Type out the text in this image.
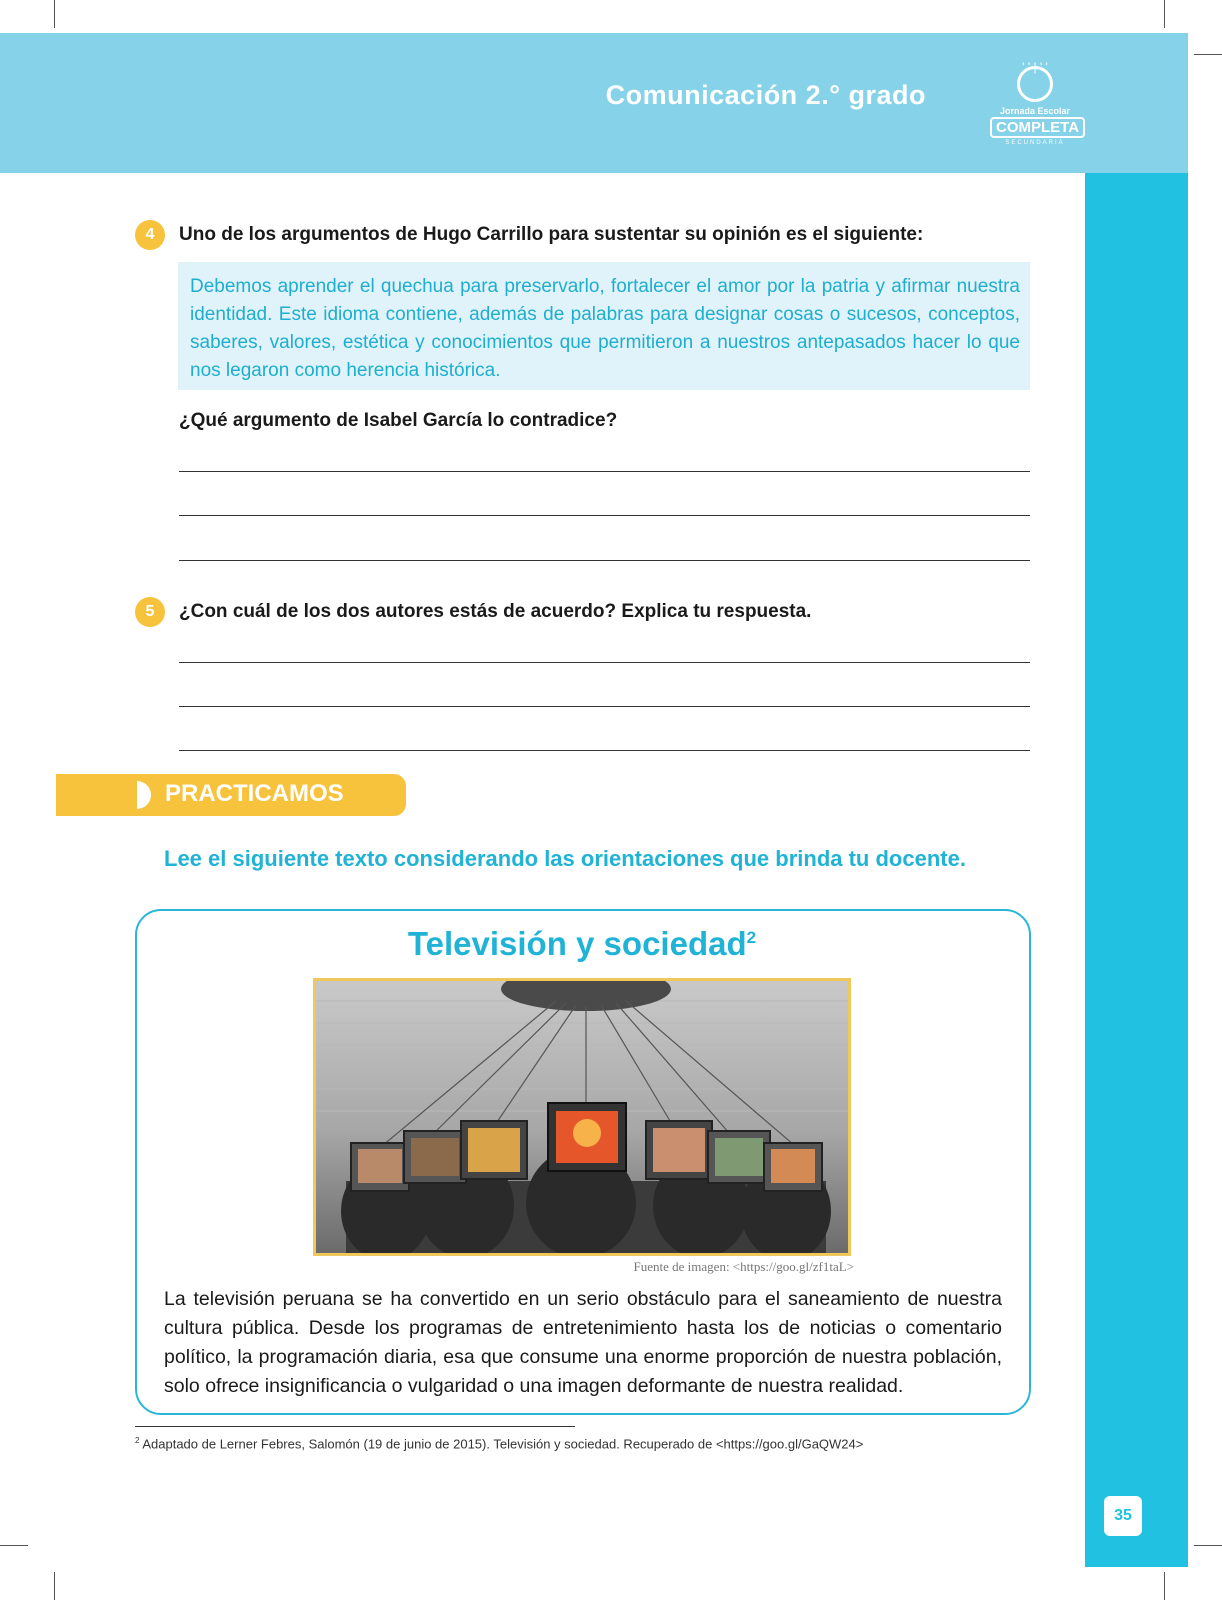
Comunicación 2.° grado
' ' | ' '
Jornada Escolar
COMPLETA
SECUNDARIA
35
4	Uno de los argumentos de Hugo Carrillo para sustentar su opinión es el siguiente:
Debemos aprender el quechua para preservarlo, fortalecer el amor por la patria y afirmar nuestra identidad. Este idioma contiene, además de palabras para designar cosas o sucesos, conceptos, saberes, valores, estética y conocimientos que permitieron a nuestros antepasados hacer lo que nos legaron como herencia histórica.
¿Qué argumento de Isabel García lo contradice?
5	¿Con cuál de los dos autores estás de acuerdo? Explica tu respuesta.
PRACTICAMOS
Lee el siguiente texto considerando las orientaciones que brinda tu docente.
Televisión y sociedad$^2$
Fuente de imagen: <https://goo.gl/zf1taL>
La televisión peruana se ha convertido en un serio obstáculo para el saneamiento de nuestra cultura pública. Desde los programas de entretenimiento hasta los de noticias o comentario político, la programación diaria, esa que consume una enorme proporción de nuestra población, solo ofrece insignificancia o vulgaridad o una imagen deformante de nuestra realidad.
$^2$ Adaptado de Lerner Febres, Salomón (19 de junio de 2015). Televisión y sociedad. Recuperado de <https://goo.gl/GaQW24>
